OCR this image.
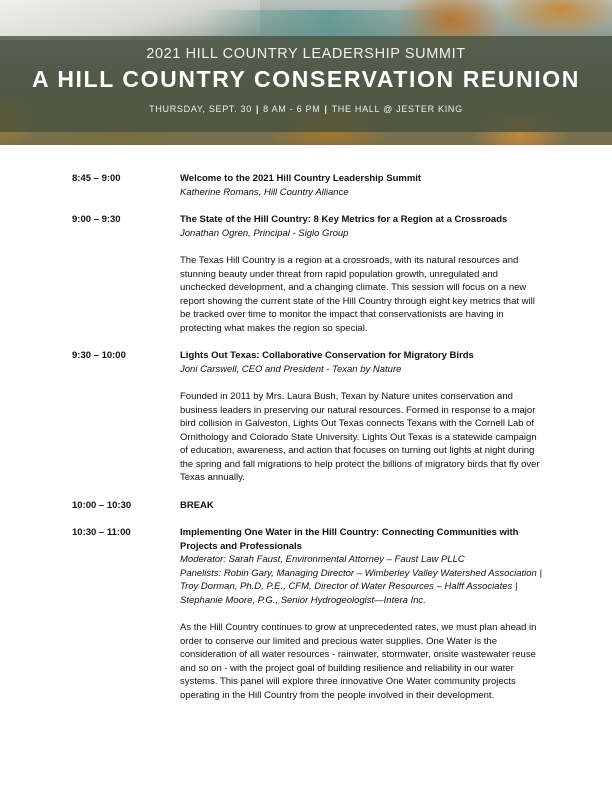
2021 HILL COUNTRY LEADERSHIP SUMMIT
A HILL COUNTRY CONSERVATION REUNION
THURSDAY, SEPT. 30 | 8 AM - 6 PM | THE HALL @ JESTER KING
8:45 – 9:00	Welcome to the 2021 Hill Country Leadership Summit
Katherine Romans, Hill Country Alliance
9:00 – 9:30	The State of the Hill Country: 8 Key Metrics for a Region at a Crossroads
Jonathan Ogren, Principal - Siglo Group
The Texas Hill Country is a region at a crossroads, with its natural resources and stunning beauty under threat from rapid population growth, unregulated and unchecked development, and a changing climate. This session will focus on a new report showing the current state of the Hill Country through eight key metrics that will be tracked over time to monitor the impact that conservationists are having in protecting what makes the region so special.
9:30 – 10:00	Lights Out Texas: Collaborative Conservation for Migratory Birds
Joni Carswell, CEO and President - Texan by Nature
Founded in 2011 by Mrs. Laura Bush, Texan by Nature unites conservation and business leaders in preserving our natural resources. Formed in response to a major bird collision in Galveston, Lights Out Texas connects Texans with the Cornell Lab of Ornithology and Colorado State University. Lights Out Texas is a statewide campaign of education, awareness, and action that focuses on turning out lights at night during the spring and fall migrations to help protect the billions of migratory birds that fly over Texas annually.
10:00 – 10:30	BREAK
10:30 – 11:00	Implementing One Water in the Hill Country: Connecting Communities with Projects and Professionals
Moderator: Sarah Faust, Environmental Attorney – Faust Law PLLC
Panelists: Robin Gary, Managing Director – Wimberley Valley Watershed Association | Troy Dorman, Ph.D, P.E., CFM, Director of Water Resources – Halff Associates | Stephanie Moore, P.G., Senior Hydrogeologist—Intera Inc.
As the Hill Country continues to grow at unprecedented rates, we must plan ahead in order to conserve our limited and precious water supplies. One Water is the consideration of all water resources - rainwater, stormwater, onsite wastewater reuse and so on - with the project goal of building resilience and reliability in our water systems. This panel will explore three innovative One Water community projects operating in the Hill Country from the people involved in their development.
